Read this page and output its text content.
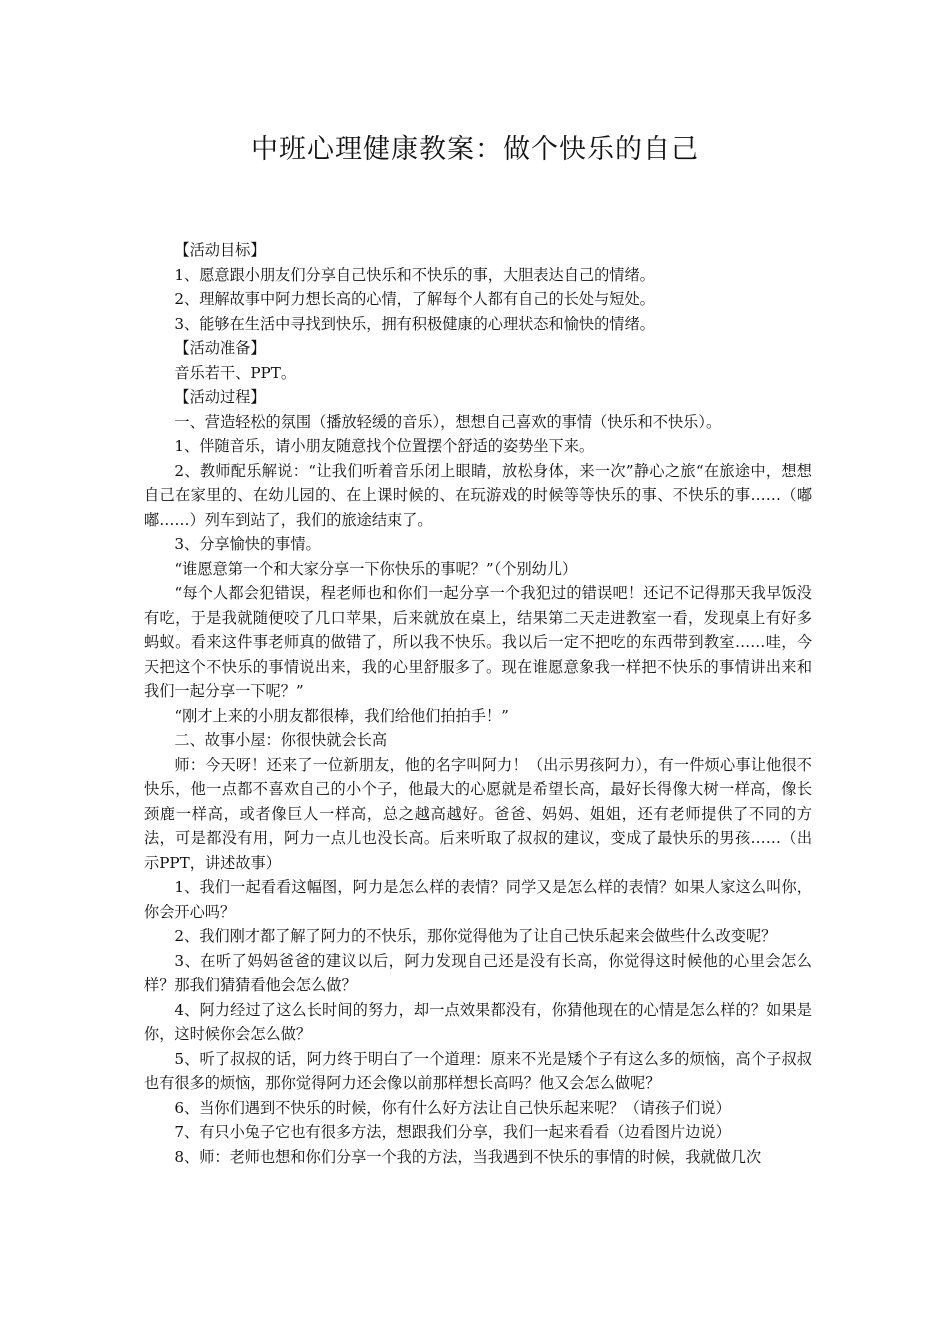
中班心理健康教案：做个快乐的自己

【活动目标】

1、愿意跟小朋友们分享自己快乐和不快乐的事，大胆表达自己的情绪。

2、理解故事中阿力想长高的心情，了解每个人都有自己的长处与短处。

3、能够在生活中寻找到快乐，拥有积极健康的心理状态和愉快的情绪。

【活动准备】

音乐若干、PPT。

【活动过程】

一、营造轻松的氛围（播放轻缓的音乐），想想自己喜欢的事情（快乐和不快乐）。

1、伴随音乐，请小朋友随意找个位置摆个舒适的姿势坐下来。

2、教师配乐解说：“让我们听着音乐闭上眼睛，放松身体，来一次”静心之旅“在旅途中，想想自己在家里的、在幼儿园的、在上课时候的、在玩游戏的时候等等快乐的事、不快乐的事……（嘟嘟……）列车到站了，我们的旅途结束了。

3、分享愉快的事情。

“谁愿意第一个和大家分享一下你快乐的事呢？”（个别幼儿）

“每个人都会犯错误，程老师也和你们一起分享一个我犯过的错误吧！还记不记得那天我早饭没有吃，于是我就随便咬了几口苹果，后来就放在桌上，结果第二天走进教室一看，发现桌上有好多蚂蚁。看来这件事老师真的做错了，所以我不快乐。我以后一定不把吃的东西带到教室……哇，今天把这个不快乐的事情说出来，我的心里舒服多了。现在谁愿意象我一样把不快乐的事情讲出来和我们一起分享一下呢？”

“刚才上来的小朋友都很棒，我们给他们拍拍手！”

二、故事小屋：你很快就会长高

师：今天呀！还来了一位新朋友，他的名字叫阿力！（出示男孩阿力），有一件烦心事让他很不快乐，他一点都不喜欢自己的小个子，他最大的心愿就是希望长高，最好长得像大树一样高，像长颈鹿一样高，或者像巨人一样高，总之越高越好。爸爸、妈妈、姐姐，还有老师提供了不同的方法，可是都没有用，阿力一点儿也没长高。后来听取了叔叔的建议，变成了最快乐的男孩……（出示PPT，讲述故事）

1、我们一起看看这幅图，阿力是怎么样的表情？同学又是怎么样的表情？如果人家这么叫你，你会开心吗？

2、我们刚才都了解了阿力的不快乐，那你觉得他为了让自己快乐起来会做些什么改变呢？

3、在听了妈妈爸爸的建议以后，阿力发现自己还是没有长高，你觉得这时候他的心里会怎么样？那我们猜猜看他会怎么做？

4、阿力经过了这么长时间的努力，却一点效果都没有，你猜他现在的心情是怎么样的？如果是你，这时候你会怎么做？

5、听了叔叔的话，阿力终于明白了一个道理：原来不光是矮个子有这么多的烦恼，高个子叔叔也有很多的烦恼，那你觉得阿力还会像以前那样想长高吗？他又会怎么做呢？

6、当你们遇到不快乐的时候，你有什么好方法让自己快乐起来呢？（请孩子们说）

7、有只小兔子它也有很多方法，想跟我们分享，我们一起来看看（边看图片边说）

8、师：老师也想和你们分享一个我的方法，当我遇到不快乐的事情的时候，我就做几次
